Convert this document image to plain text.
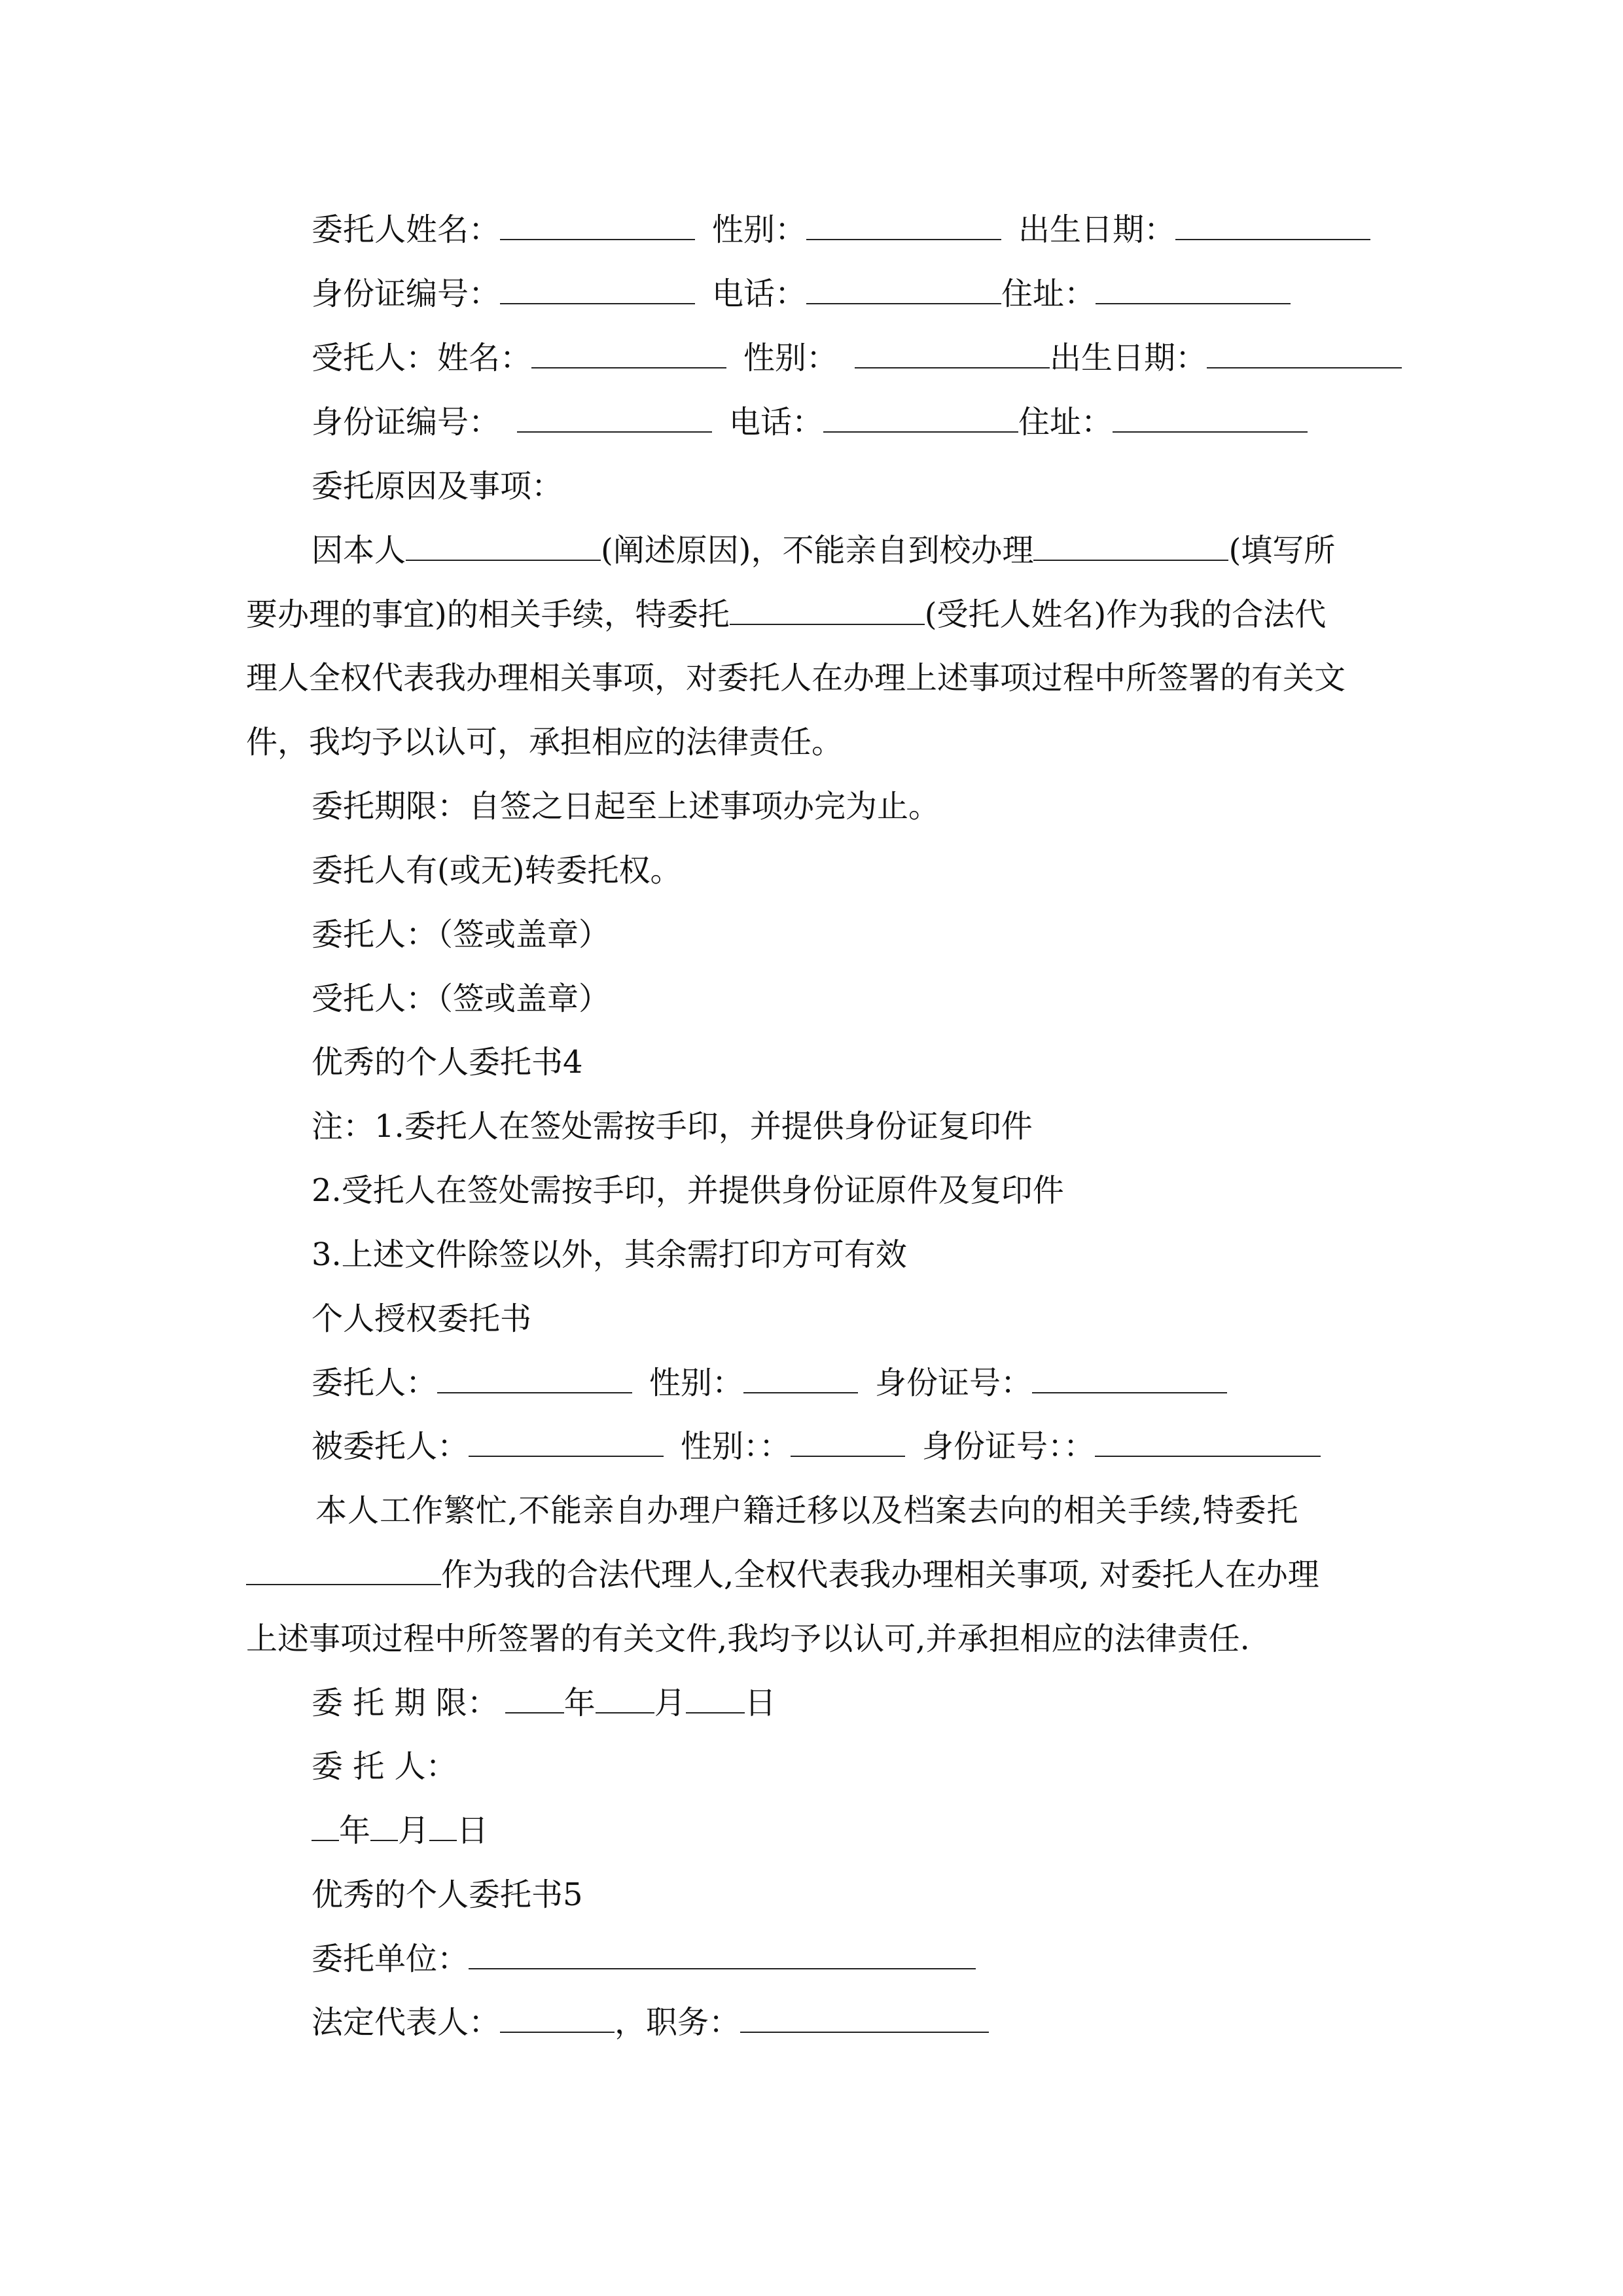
委托人姓名：	性别：	出生日期：
身份证编号：	电话：	住址：
受托人：姓名：	性别：	出生日期：
身份证编号：	电话：	住址：
委托原因及事项：
因本人	(阐述原因)，不能亲自到校办理	(填写所
要办理的事宜)的相关手续，特委托	(受托人姓名)作为我的合法代
理人全权代表我办理相关事项，对委托人在办理上述事项过程中所签署的有关文
件，我均予以认可，承担相应的法律责任。
委托期限：自签之日起至上述事项办完为止。
委托人有(或无)转委托权。
委托人：（签或盖章）
受托人：（签或盖章）
优秀的个人委托书4
注：1.委托人在签处需按手印，并提供身份证复印件
2.受托人在签处需按手印，并提供身份证原件及复印件
3.上述文件除签以外，其余需打印方可有效
个人授权委托书
委托人：	性别：	身份证号：
被委托人：	性别：：	身份证号：：
本人工作繁忙,不能亲自办理户籍迁移以及档案去向的相关手续,特委托
作为我的合法代理人,全权代表我办理相关事项, 对委托人在办理
上述事项过程中所签署的有关文件,我均予以认可,并承担相应的法律责任.
委 托 期 限： 年 月 日
委 托 人：
年 月 日
优秀的个人委托书5
委托单位：
法定代表人：	，职务：
